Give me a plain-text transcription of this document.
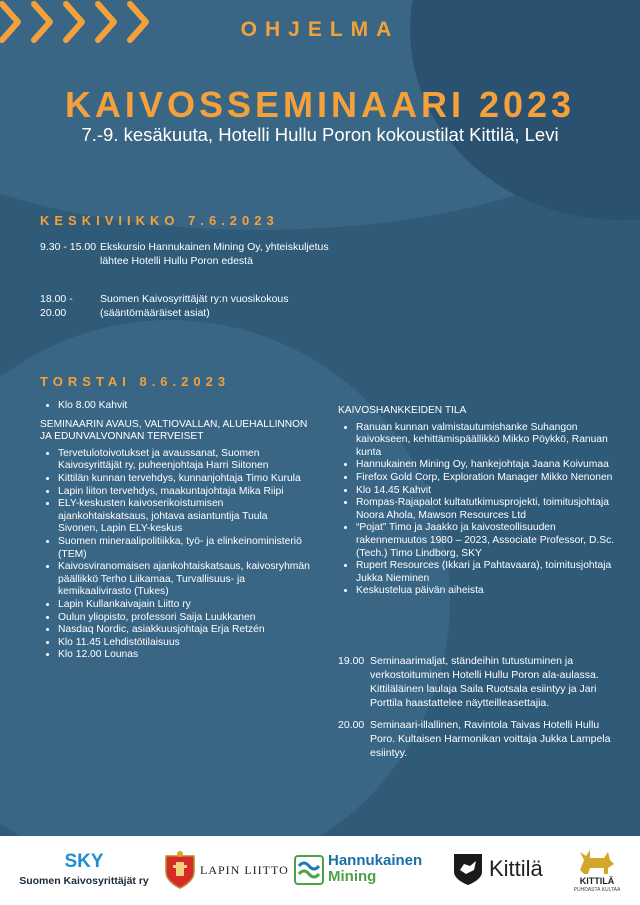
OHJELMA
KAIVOSSEMINAARI 2023
7.-9. kesäkuuta, Hotelli Hullu Poron kokoustilat Kittilä, Levi
KESKIVIIKKO 7.6.2023
9.30 - 15.00 Ekskursio Hannukainen Mining Oy, yhteiskuljetus lähtee Hotelli Hullu Poron edestä
18.00 - 20.00
Suomen Kaivosyrittäjät ry:n vuosikokous (sääntömääräiset asiat)
TORSTAI 8.6.2023
• Klo 8.00 Kahvit
SEMINAARIN AVAUS, VALTIOVALLAN, ALUEHALLINNON JA EDUNVALVONNAN TERVEISET
• Tervetulotoivotukset ja avaussanat, Suomen Kaivosyrittäjät ry, puheenjohtaja Harri Siitonen
• Kittilän kunnan tervehdys, kunnanjohtaja Timo Kurula
• Lapin liiton tervehdys, maakuntajohtaja Mika Riipi
• ELY-keskusten kaivoserikoistumisen ajankohtaiskatsaus, johtava asiantuntija Tuula Sivonen, Lapin ELY-keskus
• Suomen mineraalipolitiikka, työ- ja elinkeinoministeriö (TEM)
• Kaivosviranomaisen ajankohtaiskatsaus, kaivosryhmän päällikkö Terho Liikamaa, Turvallisuus- ja kemikaalivirasto (Tukes)
• Lapin Kullankaivajain Liitto ry
• Oulun yliopisto, professori Saija Luukkanen
• Nasdaq Nordic, asiakkuusjohtaja Erja Retzén
• Klo 11.45 Lehdistötilaisuus
• Klo 12.00 Lounas
KAIVOSHANKKEIDEN TILA
• Ranuan kunnan valmistautumishanke Suhangon kaivokseen, kehittämispäällikkö Mikko Pöykkö, Ranuan kunta
• Hannukainen Mining Oy, hankejohtaja Jaana Koivumaa
• Firefox Gold Corp, Exploration Manager Mikko Nenonen
• Klo 14.45 Kahvit
• Rompas-Rajapalot kultatutkimusprojekti, toimitusjohtaja Noora Ahola, Mawson Resources Ltd
• “Pojat” Timo ja Jaakko ja kaivosteollisuuden rakennemuutos 1980 – 2023, Associate Professor, D.Sc. (Tech.) Timo Lindborg, SKY
• Rupert Resources (Ikkari ja Pahtavaara), toimitusjohtaja Jukka Nieminen
• Keskustelua päivän aiheista
19.00 Seminaarimaljat, ständeihin tutustuminen ja verkostoituminen Hotelli Hullu Poron ala-aulassa. Kittiläläinen laulaja Saila Ruotsala esiintyy ja Jari Porttila haastattelee näytteilleasettajia.
20.00 Seminaari-illallinen, Ravintola Taivas Hotelli Hullu Poro. Kultaisen Harmonikan voittaja Jukka Lampela esiintyy.
SKY
Suomen Kaivosyrittäjät ry
LAPIN LIITTO
Hannukainen
Mining	Kittilä	KITTILÄ
PUHDASTA KULTAA
